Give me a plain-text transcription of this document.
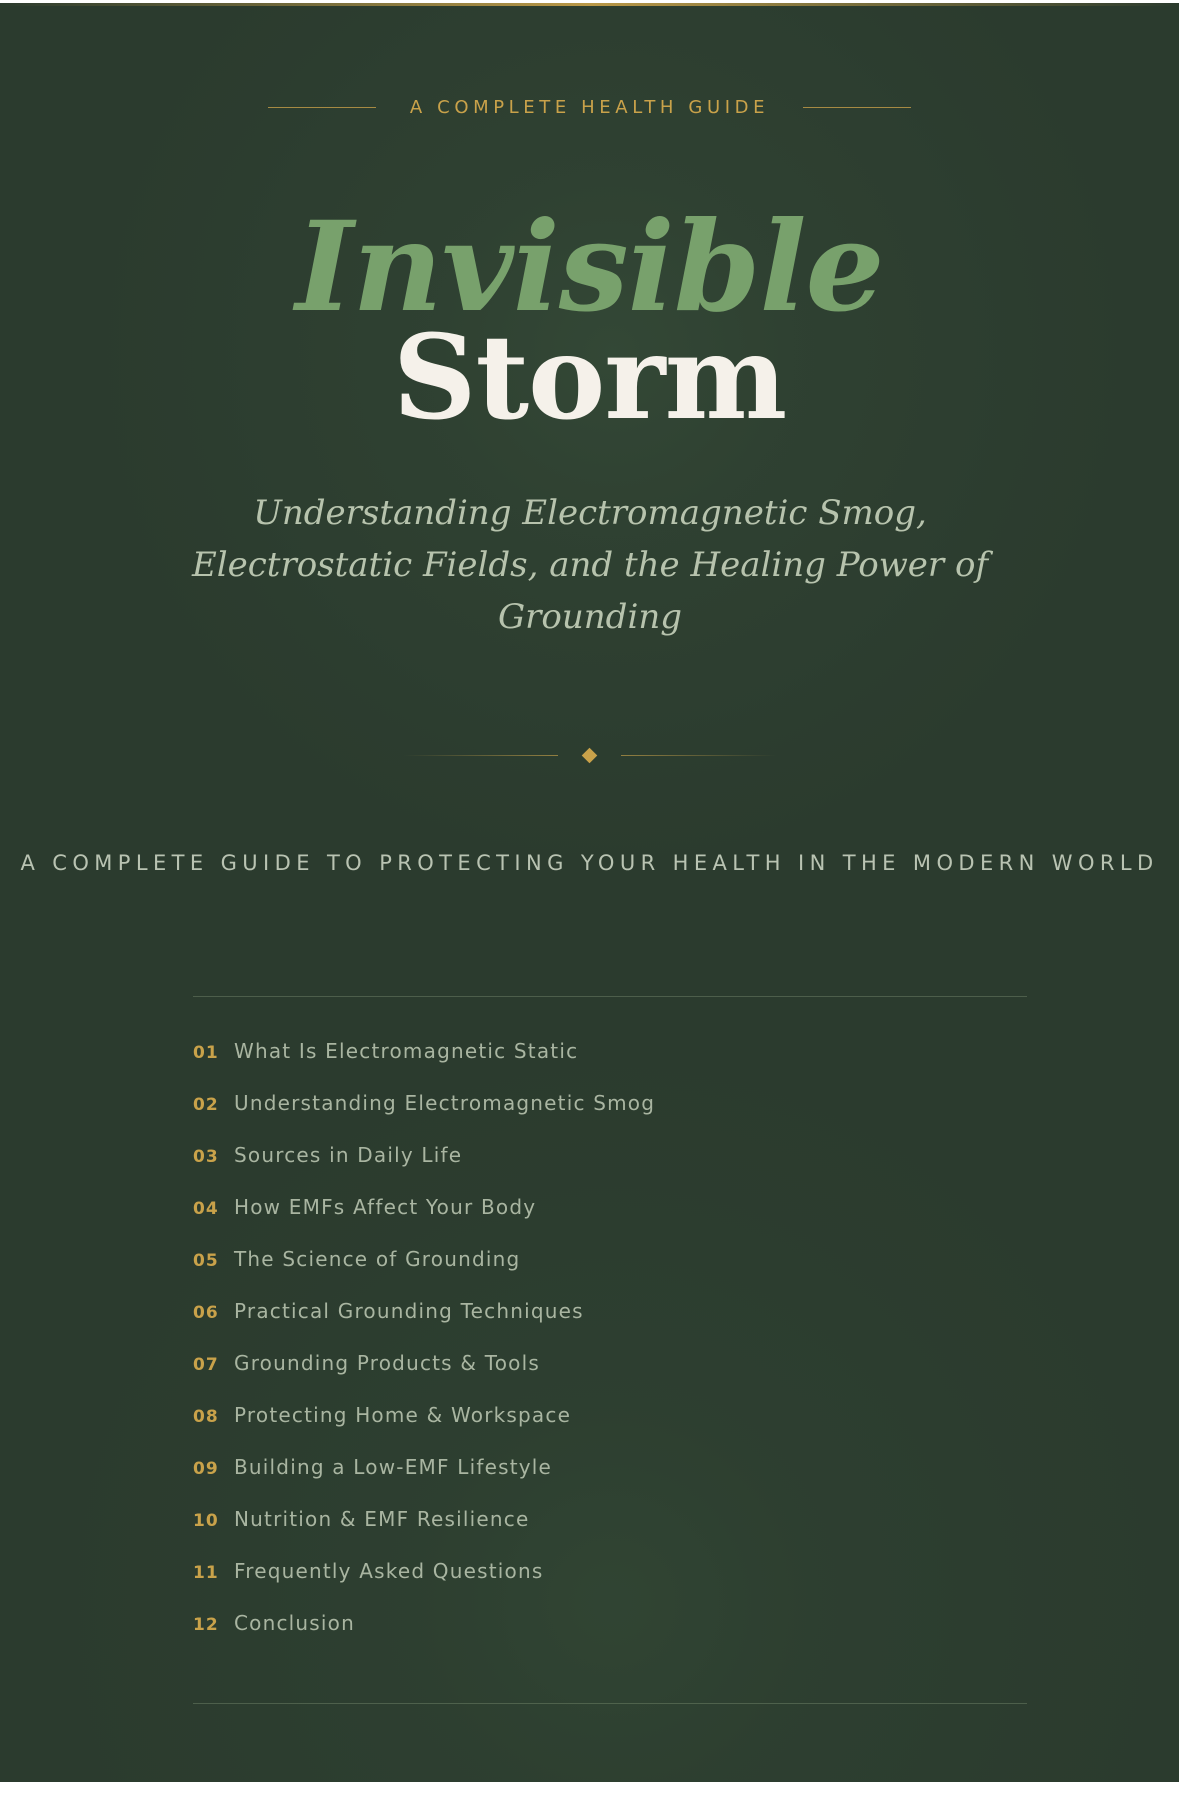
A COMPLETE HEALTH GUIDE
Invisible
Storm
Understanding Electromagnetic Smog, Electrostatic Fields, and the Healing Power of Grounding
A COMPLETE GUIDE TO PROTECTING YOUR HEALTH IN THE MODERN WORLD
01 What Is Electromagnetic Static
02 Understanding Electromagnetic Smog
03 Sources in Daily Life
04 How EMFs Affect Your Body
05 The Science of Grounding
06 Practical Grounding Techniques
07 Grounding Products & Tools
08 Protecting Home & Workspace
09 Building a Low-EMF Lifestyle
10 Nutrition & EMF Resilience
11 Frequently Asked Questions
12 Conclusion
